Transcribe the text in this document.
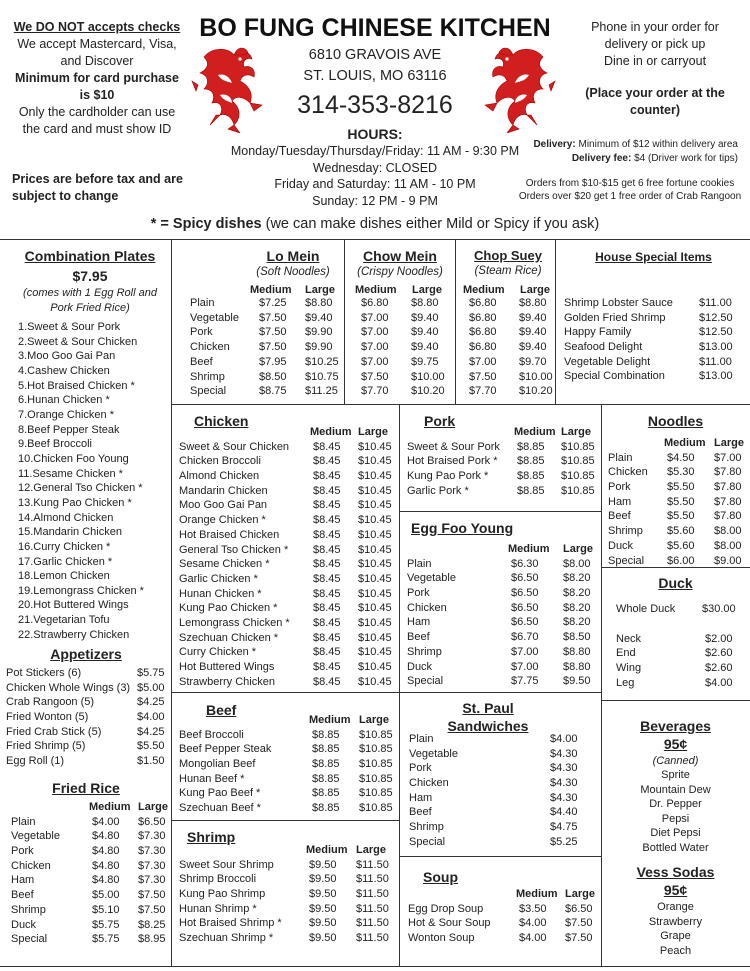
We DO NOT accepts checks
We accept Mastercard, Visa,
and Discover
Minimum for card purchase
is $10
Only the cardholder can use
the card and must show ID
Prices are before tax and are
subject to change
BO FUNG CHINESE KITCHEN
6810 GRAVOIS AVE
ST. LOUIS, MO 63116
314-353-8216
HOURS:
Monday/Tuesday/Thursday/Friday: 11 AM - 9:30 PM
Wednesday: CLOSED
Friday and Saturday: 11 AM - 10 PM
Sunday: 12 PM - 9 PM
Phone in your order for
delivery or pick up
Dine in or carryout
(Place your order at the
counter)
Delivery: Minimum of $12 within delivery area
Delivery fee: $4 (Driver work for tips)
Orders from $10-$15 get 6 free fortune cookies
Orders over $20 get 1 free order of Crab Rangoon
* = Spicy dishes (we can make dishes either Mild or Spicy if you ask)
Combination Plates
$7.95
(comes with 1 Egg Roll and
Pork Fried Rice)
1.Sweet & Sour Pork
2.Sweet & Sour Chicken
3.Moo Goo Gai Pan
4.Cashew Chicken
5.Hot Braised Chicken *
6.Hunan Chicken *
7.Orange Chicken *
8.Beef Pepper Steak
9.Beef Broccoli
10.Chicken Foo Young
11.Sesame Chicken *
12.General Tso Chicken *
13.Kung Pao Chicken *
14.Almond Chicken
15.Mandarin Chicken
16.Curry Chicken *
17.Garlic Chicken *
18.Lemon Chicken
19.Lemongrass Chicken *
20.Hot Buttered Wings
21.Vegetarian Tofu
22.Strawberry Chicken
Appetizers
Pot Stickers (6)	$5.75
Chicken Whole Wings (3) $5.00
Crab Rangoon (5)	$4.25
Fried Wonton (5)	$4.00
Fried Crab Stick (5)	$4.25
Fried Shrimp (5)	$5.50
Egg Roll (1)	$1.50
Fried Rice
Medium Large
Plain	$4.00 $6.50
Vegetable	$4.80 $7.30
Pork	$4.80 $7.30
Chicken	$4.80 $7.30
Ham	$4.80 $7.30
Beef	$5.00 $7.50
Shrimp	$5.10 $7.50
Duck	$5.75 $8.25
Special	$5.75 $8.95
Lo Mein
(Soft Noodles)
Chow Mein
(Crispy Noodles)
Chop Suey
(Steam Rice)
Medium Large Medium Large Medium Large
Plain	$7.25 $8.80	$6.80 $8.80	$6.80 $8.80
Vegetable $7.50 $9.40	$7.00 $9.40	$6.80 $9.40
Pork	$7.50 $9.90	$7.00 $9.40	$6.80 $9.40
Chicken	$7.50 $9.90	$7.00 $9.40	$6.80 $9.40
Beef	$7.95 $10.25 $7.00 $9.75	$7.00 $9.70
Shrimp	$8.50 $10.75 $7.50 $10.00 $7.50 $10.00
Special	$8.75 $11.25 $7.70 $10.20 $7.70 $10.20
House Special Items
Shrimp Lobster Sauce $11.00
Golden Fried Shrimp	$12.50
Happy Family	$12.50
Seafood Delight	$13.00
Vegetable Delight	$11.00
Special Combination	$13.00
Chicken
Medium Large
Sweet & Sour Chicken $8.45 $10.45
Chicken Broccoli	$8.45 $10.45
Almond Chicken	$8.45 $10.45
Mandarin Chicken	$8.45 $10.45
Moo Goo Gai Pan	$8.45 $10.45
Orange Chicken *	$8.45 $10.45
Hot Braised Chicken	$8.45 $10.45
General Tso Chicken * $8.45 $10.45
Sesame Chicken *	$8.45 $10.45
Garlic Chicken *	$8.45 $10.45
Hunan Chicken *	$8.45 $10.45
Kung Pao Chicken *	$8.45 $10.45
Lemongrass Chicken * $8.45 $10.45
Szechuan Chicken *	$8.45 $10.45
Curry Chicken *	$8.45 $10.45
Hot Buttered Wings	$8.45 $10.45
Strawberry Chicken	$8.45 $10.45
Pork
Medium Large
Sweet & Sour Pork $8.85 $10.85
Hot Braised Pork * $8.85 $10.85
Kung Pao Pork *	$8.85 $10.85
Garlic Pork *	$8.85 $10.85
Egg Foo Young
Medium Large
Plain	$6.30 $8.00
Vegetable	$6.50 $8.20
Pork	$6.50 $8.20
Chicken	$6.50 $8.20
Ham	$6.50 $8.20
Beef	$6.70 $8.50
Shrimp	$7.00 $8.80
Duck	$7.00 $8.80
Special	$7.75 $9.50
Noodles
Medium Large
Plain	$4.50 $7.00
Chicken $5.30 $7.80
Pork	$5.50 $7.80
Ham	$5.50 $7.80
Beef	$5.50 $7.80
Shrimp $5.60 $8.00
Duck	$5.60 $8.00
Special $6.00 $9.00
Duck
Whole Duck $30.00
Neck	$2.00
End	$2.60
Wing	$2.60
Leg	$4.00
Beef
Medium Large
Beef Broccoli	$8.85 $10.85
Beef Pepper Steak	$8.85 $10.85
Mongolian Beef	$8.85 $10.85
Hunan Beef *	$8.85 $10.85
Kung Pao Beef *	$8.85 $10.85
Szechuan Beef *	$8.85 $10.85
Shrimp
Medium Large
Sweet Sour Shrimp	$9.50 $11.50
Shrimp Broccoli	$9.50 $11.50
Kung Pao Shrimp	$9.50 $11.50
Hunan Shrimp *	$9.50 $11.50
Hot Braised Shrimp * $9.50 $11.50
Szechuan Shrimp *	$9.50 $11.50
St. Paul
Sandwiches
Plain	$4.00
Vegetable	$4.30
Pork	$4.30
Chicken	$4.30
Ham	$4.30
Beef	$4.40
Shrimp	$4.75
Special	$5.25
Soup
Medium Large
Egg Drop Soup	$3.50 $6.50
Hot & Sour Soup	$4.00 $7.50
Wonton Soup	$4.00 $7.50
Beverages
95¢
(Canned)
Sprite
Mountain Dew
Dr. Pepper
Pepsi
Diet Pepsi
Bottled Water
Vess Sodas
95¢
Orange
Strawberry
Grape
Peach
